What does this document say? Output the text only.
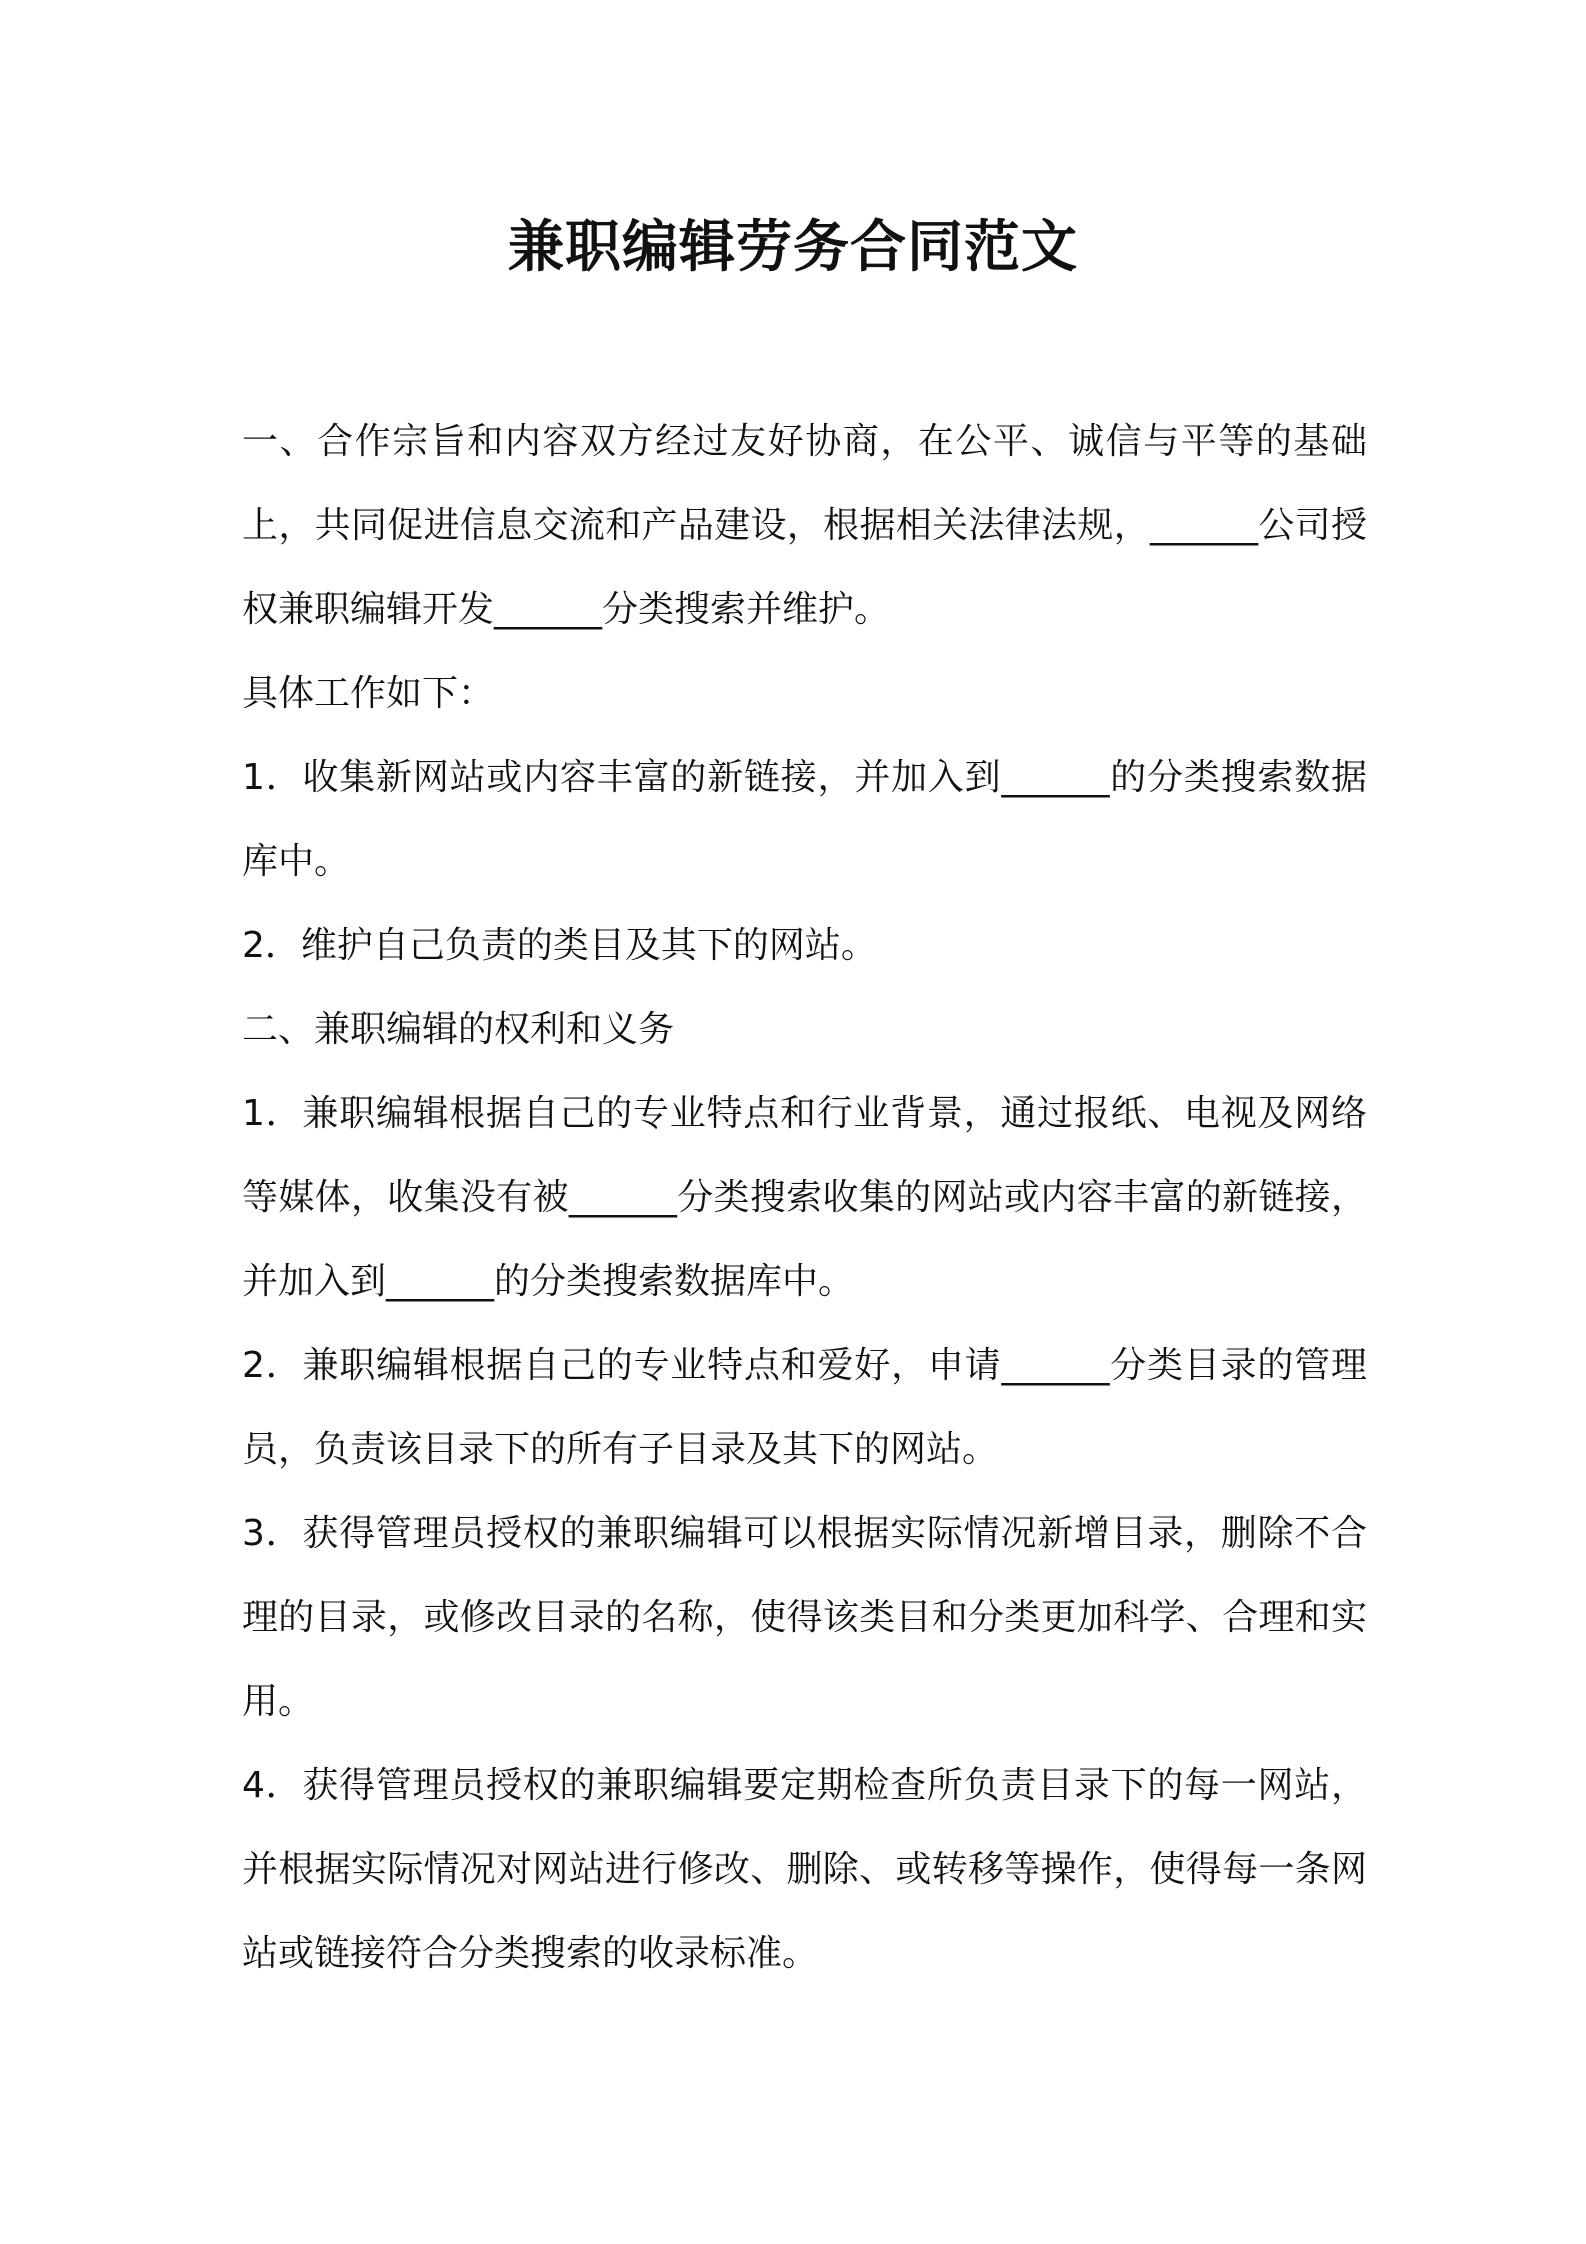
兼职编辑劳务合同范文

一、合作宗旨和内容双方经过友好协商，在公平、诚信与平等的基础上，共同促进信息交流和产品建设，根据相关法律法规，______公司授权兼职编辑开发______分类搜索并维护。

具体工作如下：

1．收集新网站或内容丰富的新链接，并加入到______的分类搜索数据库中。

2．维护自己负责的类目及其下的网站。

二、兼职编辑的权利和义务

1．兼职编辑根据自己的专业特点和行业背景，通过报纸、电视及网络等媒体，收集没有被______分类搜索收集的网站或内容丰富的新链接，并加入到______的分类搜索数据库中。

2．兼职编辑根据自己的专业特点和爱好，申请______分类目录的管理员，负责该目录下的所有子目录及其下的网站。

3．获得管理员授权的兼职编辑可以根据实际情况新增目录，删除不合理的目录，或修改目录的名称，使得该类目和分类更加科学、合理和实用。

4．获得管理员授权的兼职编辑要定期检查所负责目录下的每一网站，并根据实际情况对网站进行修改、删除、或转移等操作，使得每一条网站或链接符合分类搜索的收录标准。
